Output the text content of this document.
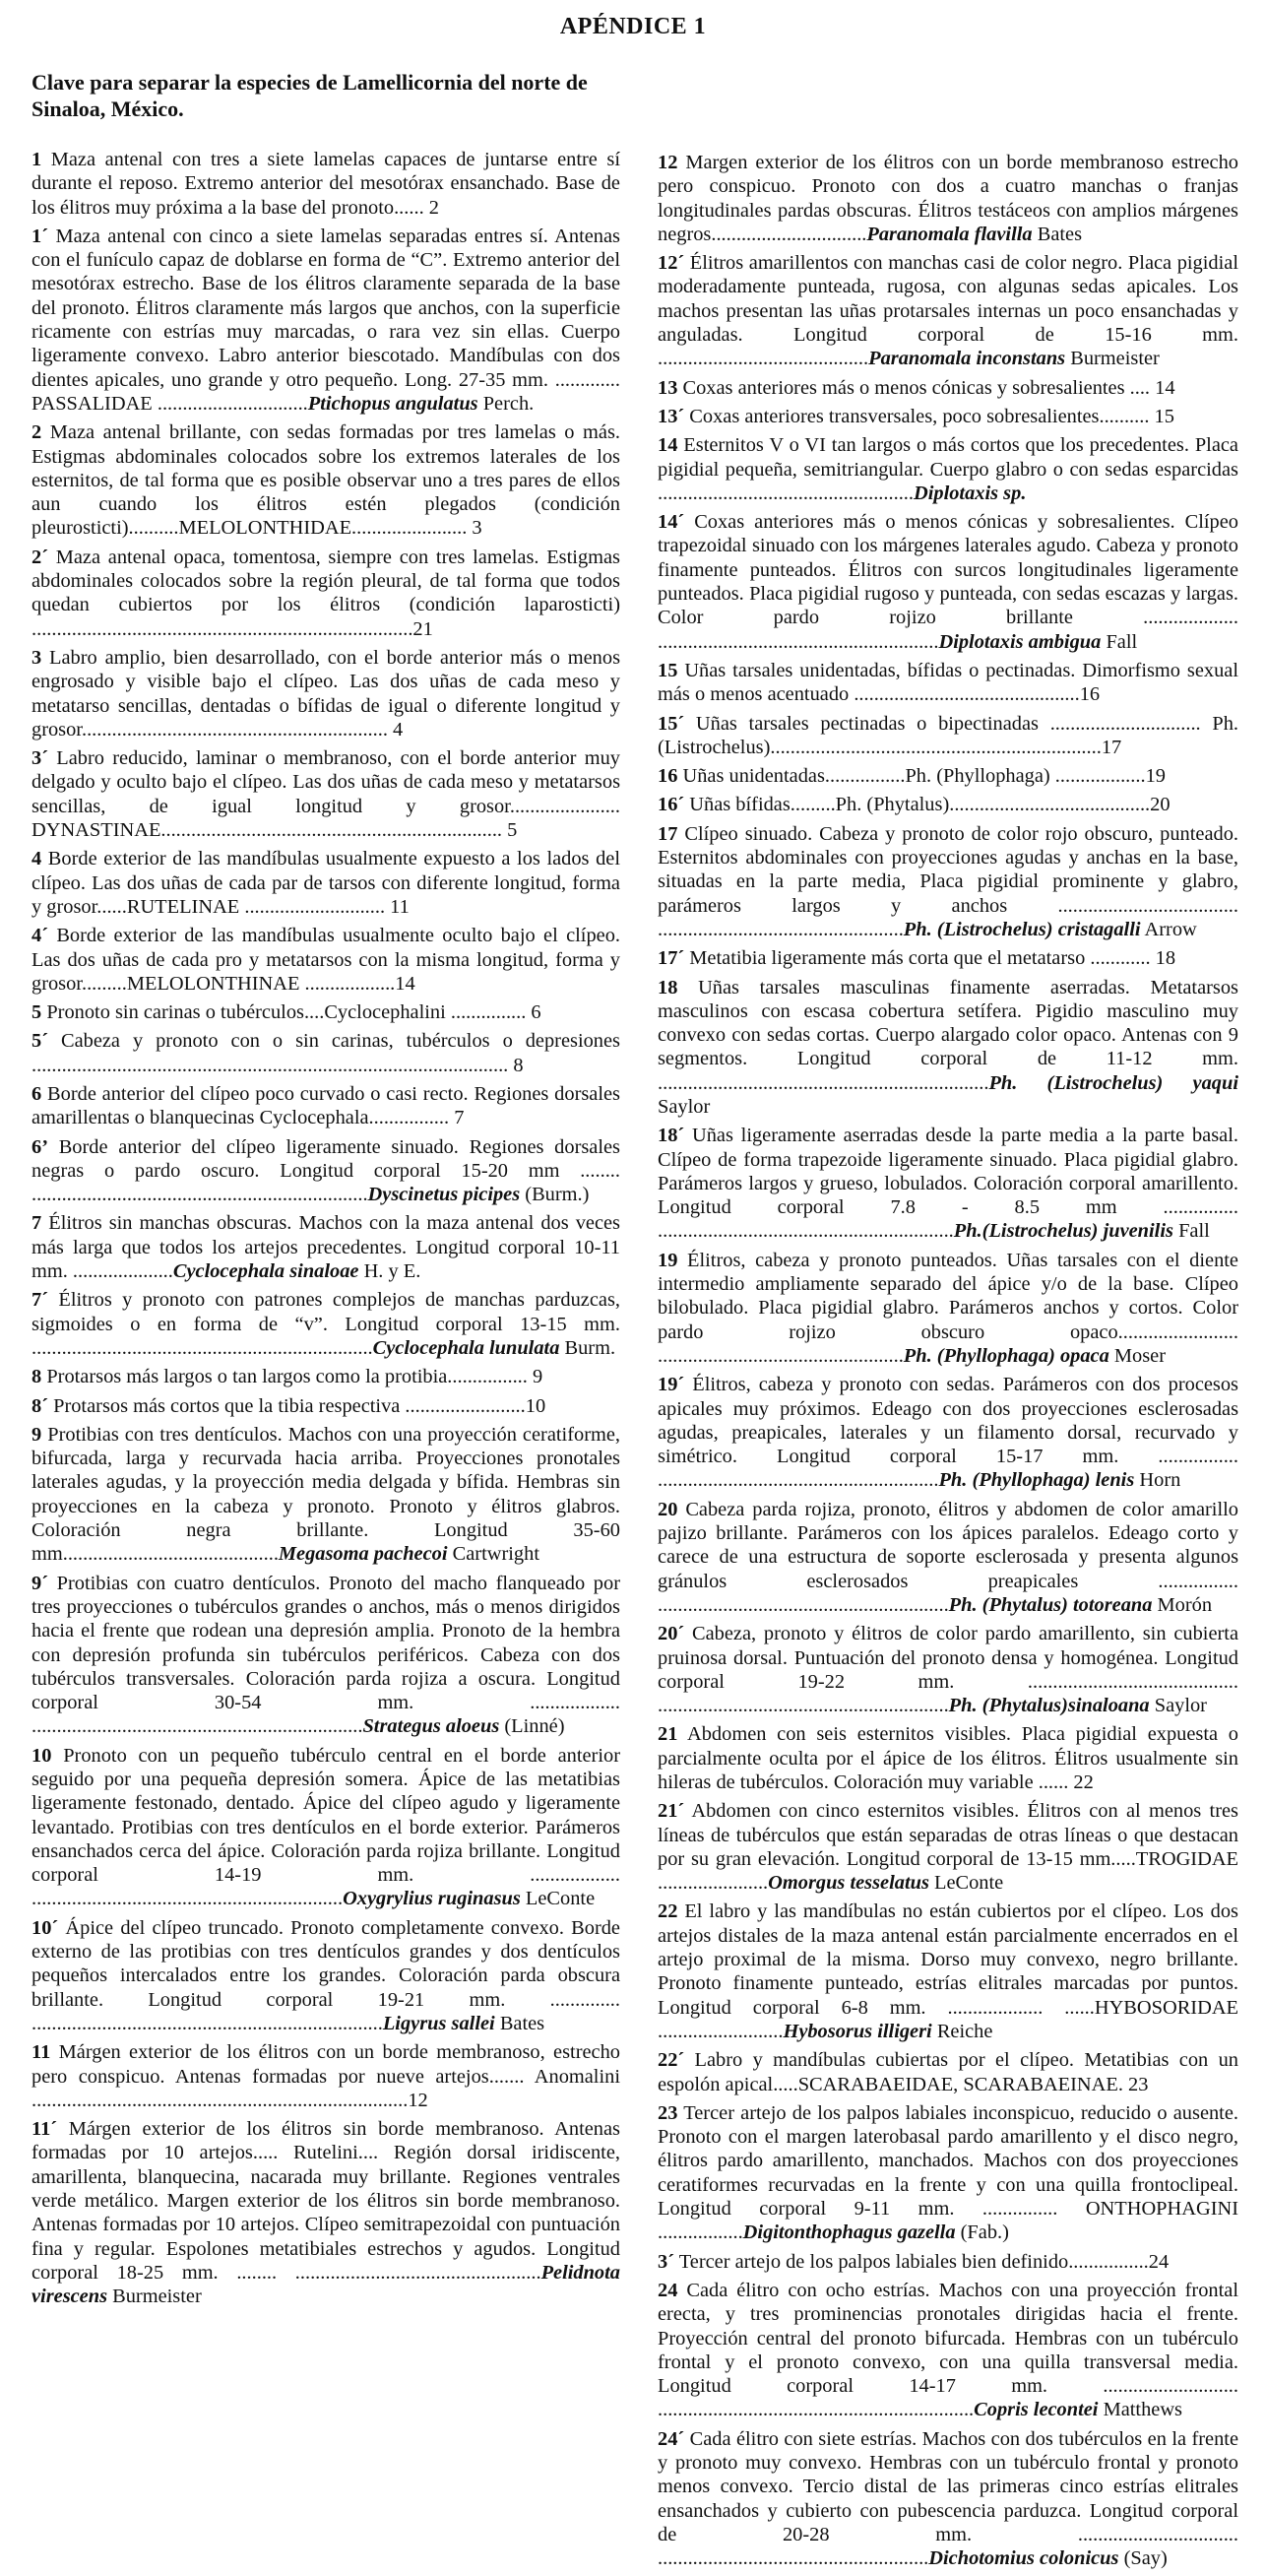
APÉNDICE 1
Clave para separar la especies de Lamellicornia del norte de Sinaloa, México.

1 Maza antenal con tres a siete lamelas capaces de juntarse entre sí durante el reposo. Extremo anterior del mesotórax ensanchado. Base de los élitros muy próxima a la base del pronoto...... 2

1´ Maza antenal con cinco a siete lamelas separadas entres sí. Antenas con el funículo capaz de doblarse en forma de “C”. Extremo anterior del mesotórax estrecho. Base de los élitros claramente separada de la base del pronoto. Élitros claramente más largos que anchos, con la superficie ricamente con estrías muy marcadas, o rara vez sin ellas. Cuerpo ligeramente convexo. Labro anterior biescotado. Mandíbulas con dos dientes apicales, uno grande y otro pequeño. Long. 27-35 mm. ............. PASSALIDAE ..............................Ptichopus angulatus Perch.

2 Maza antenal brillante, con sedas formadas por tres lamelas o más. Estigmas abdominales colocados sobre los extremos laterales de los esternitos, de tal forma que es posible observar uno a tres pares de ellos aun cuando los élitros estén plegados (condición pleurosticti)..........MELOLONTHIDAE....................... 3

2´ Maza antenal opaca, tomentosa, siempre con tres lamelas. Estigmas abdominales colocados sobre la región pleural, de tal forma que todos quedan cubiertos por los élitros (condición laparosticti) ............................................................................21

3 Labro amplio, bien desarrollado, con el borde anterior más o menos engrosado y visible bajo el clípeo. Las dos uñas de cada meso y metatarso sencillas, dentadas o bífidas de igual o diferente longitud y grosor............................................................. 4

3´ Labro reducido, laminar o membranoso, con el borde anterior muy delgado y oculto bajo el clípeo. Las dos uñas de cada meso y metatarsos sencillas, de igual longitud y grosor...................... DYNASTINAE.................................................................... 5

4 Borde exterior de las mandíbulas usualmente expuesto a los lados del clípeo. Las dos uñas de cada par de tarsos con diferente longitud, forma y grosor......RUTELINAE ............................ 11

4´ Borde exterior de las mandíbulas usualmente oculto bajo el clípeo. Las dos uñas de cada pro y metatarsos con la misma longitud, forma y grosor.........MELOLONTHINAE ..................14

5 Pronoto sin carinas o tubérculos....Cyclocephalini ............... 6

5´ Cabeza y pronoto con o sin carinas, tubérculos o depresiones ............................................................................................... 8

6 Borde anterior del clípeo poco curvado o casi recto. Regiones dorsales amarillentas o blanquecinas Cyclocephala................ 7

6’ Borde anterior del clípeo ligeramente sinuado. Regiones dorsales negras o pardo oscuro. Longitud corporal 15-20 mm ........ ...................................................................Dyscinetus picipes (Burm.)

7 Élitros sin manchas obscuras. Machos con la maza antenal dos veces más larga que todos los artejos precedentes. Longitud corporal 10-11 mm. ....................Cyclocephala sinaloae H. y E.

7´ Élitros y pronoto con patrones complejos de manchas parduzcas, sigmoides o en forma de “v”. Longitud corporal 13-15 mm. ....................................................................Cyclocephala lunulata Burm.

8 Protarsos más largos o tan largos como la protibia................ 9

8´ Protarsos más cortos que la tibia respectiva ........................10

9 Protibias con tres dentículos. Machos con una proyección ceratiforme, bifurcada, larga y recurvada hacia arriba. Proyecciones pronotales laterales agudas, y la proyección media delgada y bífida. Hembras sin proyecciones en la cabeza y pronoto. Pronoto y élitros glabros. Coloración negra brillante. Longitud 35-60 mm...........................................Megasoma pachecoi Cartwright

9´ Protibias con cuatro dentículos. Pronoto del macho flanqueado por tres proyecciones o tubérculos grandes o anchos, más o menos dirigidos hacia el frente que rodean una depresión amplia. Pronoto de la hembra con depresión profunda sin tubérculos periféricos. Cabeza con dos tubérculos transversales. Coloración parda rojiza a oscura. Longitud corporal 30-54 mm. .................. ..................................................................Strategus aloeus (Linné)

10 Pronoto con un pequeño tubérculo central en el borde anterior seguido por una pequeña depresión somera. Ápice de las metatibias ligeramente festonado, dentado. Ápice del clípeo agudo y ligeramente levantado. Protibias con tres dentículos en el borde exterior. Parámeros ensanchados cerca del ápice. Coloración parda rojiza brillante. Longitud corporal 14-19 mm. .................. ..............................................................Oxygrylius ruginasus LeConte

10´ Ápice del clípeo truncado. Pronoto completamente convexo. Borde externo de las protibias con tres dentículos grandes y dos dentículos pequeños intercalados entre los grandes. Coloración parda obscura brillante. Longitud corporal 19-21 mm. .............. ......................................................................Ligyrus sallei Bates

11 Márgen exterior de los élitros con un borde membranoso, estrecho pero conspicuo. Antenas formadas por nueve artejos....... Anomalini ...........................................................................12

11´ Márgen exterior de los élitros sin borde membranoso. Antenas formadas por 10 artejos..... Rutelini.... Región dorsal iridiscente, amarillenta, blanquecina, nacarada muy brillante. Regiones ventrales verde metálico. Margen exterior de los élitros sin borde membranoso. Antenas formadas por 10 artejos. Clípeo semitrapezoidal con puntuación fina y regular. Espolones metatibiales estrechos y agudos. Longitud corporal 18-25 mm. ........ .................................................Pelidnota virescens Burmeister

12 Margen exterior de los élitros con un borde membranoso estrecho pero conspicuo. Pronoto con dos a cuatro manchas o franjas longitudinales pardas obscuras. Élitros testáceos con amplios márgenes negros...............................Paranomala flavilla Bates

12´ Élitros amarillentos con manchas casi de color negro. Placa pigidial moderadamente punteada, rugosa, con algunas sedas apicales. Los machos presentan las uñas protarsales internas un poco ensanchadas y anguladas. Longitud corporal de 15-16 mm. ..........................................Paranomala inconstans Burmeister

13 Coxas anteriores más o menos cónicas y sobresalientes .... 14

13´ Coxas anteriores transversales, poco sobresalientes.......... 15

14 Esternitos V o VI tan largos o más cortos que los precedentes. Placa pigidial pequeña, semitriangular. Cuerpo glabro o con sedas esparcidas ...................................................Diplotaxis sp.

14´ Coxas anteriores más o menos cónicas y sobresalientes. Clípeo trapezoidal sinuado con los márgenes laterales agudo. Cabeza y pronoto finamente punteados. Élitros con surcos longitudinales ligeramente punteados. Placa pigidial rugoso y punteada, con sedas escazas y largas. Color pardo rojizo brillante ................... ........................................................Diplotaxis ambigua Fall

15 Uñas tarsales unidentadas, bífidas o pectinadas. Dimorfismo sexual más o menos acentuado .............................................16

15´ Uñas tarsales pectinadas o bipectinadas .............................. Ph. (Listrochelus)..................................................................17

16 Uñas unidentadas................Ph. (Phyllophaga) ..................19

16´ Uñas bífidas.........Ph. (Phytalus)........................................20

17 Clípeo sinuado. Cabeza y pronoto de color rojo obscuro, punteado. Esternitos abdominales con proyecciones agudas y anchas en la base, situadas en la parte media, Placa pigidial prominente y glabro, parámeros largos y anchos .................................... .................................................Ph. (Listrochelus) cristagalli Arrow

17´ Metatibia ligeramente más corta que el metatarso ............ 18

18 Uñas tarsales masculinas finamente aserradas. Metatarsos masculinos con escasa cobertura setífera. Pigidio masculino muy convexo con sedas cortas. Cuerpo alargado color opaco. Antenas con 9 segmentos. Longitud corporal de 11-12 mm. ..................................................................Ph. (Listrochelus) yaqui Saylor

18´ Uñas ligeramente aserradas desde la parte media a la parte basal. Clípeo de forma trapezoide ligeramente sinuado. Placa pigidial glabro. Parámeros largos y grueso, lobulados. Coloración corporal amarillento. Longitud corporal 7.8 - 8.5 mm ............... ...........................................................Ph.(Listrochelus) juvenilis Fall

19 Élitros, cabeza y pronoto punteados. Uñas tarsales con el diente intermedio ampliamente separado del ápice y/o de la base. Clípeo bilobulado. Placa pigidial glabro. Parámeros anchos y cortos. Color pardo rojizo obscuro opaco........................ .................................................Ph. (Phyllophaga) opaca Moser

19´ Élitros, cabeza y pronoto con sedas. Parámeros con dos procesos apicales muy próximos. Edeago con dos proyecciones esclerosadas agudas, preapicales, laterales y un filamento dorsal, recurvado y simétrico. Longitud corporal 15-17 mm. ................ ........................................................Ph. (Phyllophaga) lenis Horn

20 Cabeza parda rojiza, pronoto, élitros y abdomen de color amarillo pajizo brillante. Parámeros con los ápices paralelos. Edeago corto y carece de una estructura de soporte esclerosada y presenta algunos gránulos esclerosados preapicales ................ ..........................................................Ph. (Phytalus) totoreana Morón

20´ Cabeza, pronoto y élitros de color pardo amarillento, sin cubierta pruinosa dorsal. Puntuación del pronoto densa y homogénea. Longitud corporal 19-22 mm. .......................................... ..........................................................Ph. (Phytalus)sinaloana Saylor

21 Abdomen con seis esternitos visibles. Placa pigidial expuesta o parcialmente oculta por el ápice de los élitros. Élitros usualmente sin hileras de tubérculos. Coloración muy variable ...... 22

21´ Abdomen con cinco esternitos visibles. Élitros con al menos tres líneas de tubérculos que están separadas de otras líneas o que destacan por su gran elevación. Longitud corporal de 13-15 mm.....TROGIDAE ......................Omorgus tesselatus LeConte

22 El labro y las mandíbulas no están cubiertos por el clípeo. Los dos artejos distales de la maza antenal están parcialmente encerrados en el artejo proximal de la misma. Dorso muy convexo, negro brillante. Pronoto finamente punteado, estrías elitrales marcadas por puntos. Longitud corporal 6-8 mm. ................... ......HYBOSORIDAE .........................Hybosorus illigeri Reiche

22´ Labro y mandíbulas cubiertas por el clípeo. Metatibias con un espolón apical.....SCARABAEIDAE, SCARABAEINAE. 23

23 Tercer artejo de los palpos labiales inconspicuo, reducido o ausente. Pronoto con el margen laterobasal pardo amarillento y el disco negro, élitros pardo amarillento, manchados. Machos con dos proyecciones ceratiformes recurvadas en la frente y con una quilla frontoclipeal. Longitud corporal 9-11 mm. ............... ONTHOPHAGINI .................Digitonthophagus gazella (Fab.)

3´ Tercer artejo de los palpos labiales bien definido................24

24 Cada élitro con ocho estrías. Machos con una proyección frontal erecta, y tres prominencias pronotales dirigidas hacia el frente. Proyección central del pronoto bifurcada. Hembras con un tubérculo frontal y el pronoto convexo, con una quilla transversal media. Longitud corporal 14-17 mm. ........................... ...............................................................Copris lecontei Matthews

24´ Cada élitro con siete estrías. Machos con dos tubérculos en la frente y pronoto muy convexo. Hembras con un tubérculo frontal y pronoto menos convexo. Tercio distal de las primeras cinco estrías elitrales ensanchados y cubierto con pubescencia parduzca. Longitud corporal de 20-28 mm. ................................ ......................................................Dichotomius colonicus (Say)
